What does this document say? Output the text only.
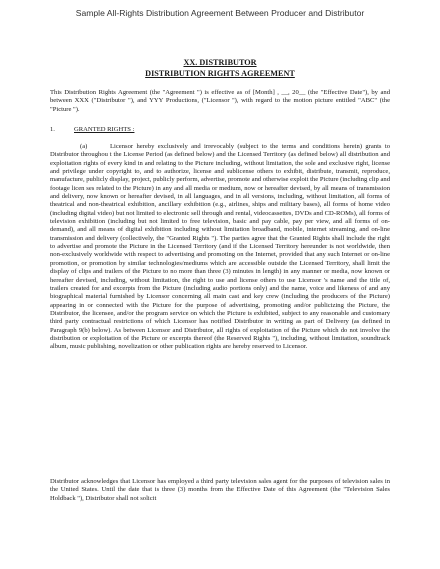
Sample All-Rights Distribution Agreement Between Producer and Distributor
XX. DISTRIBUTOR
DISTRIBUTION RIGHTS AGREEMENT
This Distribution Rights Agreement (the "Agreement ") is effective as of [Month] , __, 20__ (the "Effective Date"), by and between XXX ("Distributor "), and YYY Productions, ("Licensor ''), with regard to the motion picture entitled "ABC" (the "Picture ").
1.	GRANTED RIGHTS :
(a)	Licensor hereby exclusively and irrevocably (subject to the terms and conditions herein) grants to Distributor throughou t the License Period (as defined below) and the Licensed Territory (as defined below) all distribution and exploitation rights of every kind in and relating to the Picture including, without limitation, the sole and exclusive right, license and privilege under copyright to, and to authorize, license and sublicense others to exhibit, distribute, transmit, reproduce, manufacture, publicly display, project, publicly perform, advertise, promote and otherwise exploit the Picture (including clip and footage licen ses related to the Picture) in any and all media or medium, now or hereafter devised, by all means of transmission and delivery, now known or hereafter devised, in all languages, and in all versions, including, without limitation, all forms of theatrical and non-theatrical exhibition, ancillary exhibition (e.g., airlines, ships and military bases), all forms of home video (including digital video) but not limited to electronic sell through and rental, videocassettes, DVDs and CD-ROMs), all forms of television exhibition (including but not limited to free television, basic and pay cable, pay per view, and all forms of on-demand), and all means of digital exhibition including without limitation broadband, mobile, internet streaming, and on-line transmission and delivery (collectively, the "Granted Rights "). The parties agree that the Granted Rights shall include the right to advertise and promote the Picture in the Licensed Territory (and if the Licensed Territory hereunder is not worldwide, then non-exclusively worldwide with respect to advertising and promoting on the Internet, provided that any such Internet or on-line promotion, or promotion by similar technologies/mediums which are accessible outside the Licensed Territory, shall limit the display of clips and trailers of the Picture to no more than three (3) minutes in length) in any manner or media, now known or hereafter devised, including, without limitation, the right to use and license others to use Licensor 's name and the title of, trailers created for and excerpts from the Picture (including audio portions only) and the name, voice and likeness of and any biographical material furnished by Licensor concerning all main cast and key crew (including the producers of the Picture) appearing in or connected with the Picture for the purpose of advertising, promoting and/or publicizing the Picture, the Distributor, the licensee, and/or the program service on which the Picture is exhibited, subject to any reasonable and customary third party contractual restrictions of which Licensor has notified Distributor in writing as part of Delivery (as defined in Paragraph 9(b) below). As between Licensor and Distributor, all rights of exploitation of the Picture which do not involve the distribution or exploitation of the Picture or excerpts thereof (the Reserved Rights "), including, without limitation, soundtrack album, music publishing, novelization or other publication rights are hereby reserved to Licensor.
Distributor acknowledges that Licensor has employed a third party television sales agent for the purposes of television sales in the United States. Until the date that is three (3) months from the Effective Date of this Agreement (the "Television Sales Holdback "), Distributor shall not solicit
